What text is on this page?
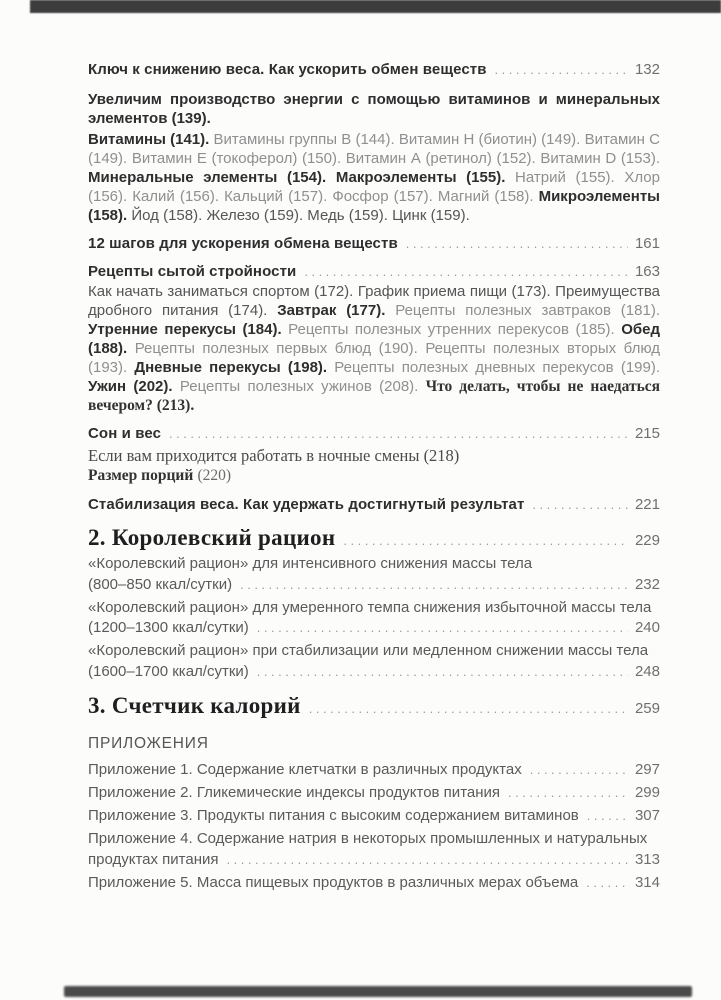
Ключ к снижению веса. Как ускорить обмен веществ .....	132
Увеличим производство энергии с помощью витаминов и минеральных элементов (139).

Витамины (141). Витамины группы В (144). Витамин Н (биотин) (149). Витамин С (149). Витамин Е (токоферол) (150). Витамин А (ретинол) (152). Витамин D (153). Минеральные элементы (154). Макроэлементы (155). Натрий (155). Хлор (156). Калий (156). Кальций (157). Фосфор (157). Магний (158). Микроэлементы (158). Йод (158). Железо (159). Медь (159). Цинк (159).

12 шагов для ускорения обмена веществ .....	161
Рецепты сытой стройности .....	163

Как начать заниматься спортом (172). График приема пищи (173). Преимущества дробного питания (174). Завтрак (177). Рецепты полезных завтраков (181). Утренние перекусы (184). Рецепты полезных утренних перекусов (185). Обед (188). Рецепты полезных первых блюд (190). Рецепты полезных вторых блюд (193). Дневные перекусы (198). Рецепты полезных дневных перекусов (199). Ужин (202). Рецепты полезных ужинов (208). Что делать, чтобы не наедаться вечером? (213).

Сон и вес .....	215
Если вам приходится работать в ночные смены (218)

Размер порций (220)

Стабилизация веса. Как удержать достигнутый результат .....	221
2. Королевский рацион .....	229
«Королевский рацион» для интенсивного снижения массы тела
(800–850 ккал/сутки) .....	232
«Королевский рацион» для умеренного темпа снижения избыточной массы тела
(1200–1300 ккал/сутки) .....	240
«Королевский рацион» при стабилизации или медленном снижении массы тела
(1600–1700 ккал/сутки) .....	248
3. Счетчик калорий .....	259
ПРИЛОЖЕНИЯ
Приложение 1. Содержание клетчатки в различных продуктах .....	297
Приложение 2. Гликемические индексы продуктов питания .....	299
Приложение 3. Продукты питания с высоким содержанием витаминов .....	307
Приложение 4. Содержание натрия в некоторых промышленных и натуральных
продуктах питания .....	313
Приложение 5. Масса пищевых продуктов в различных мерах объема .....	314
